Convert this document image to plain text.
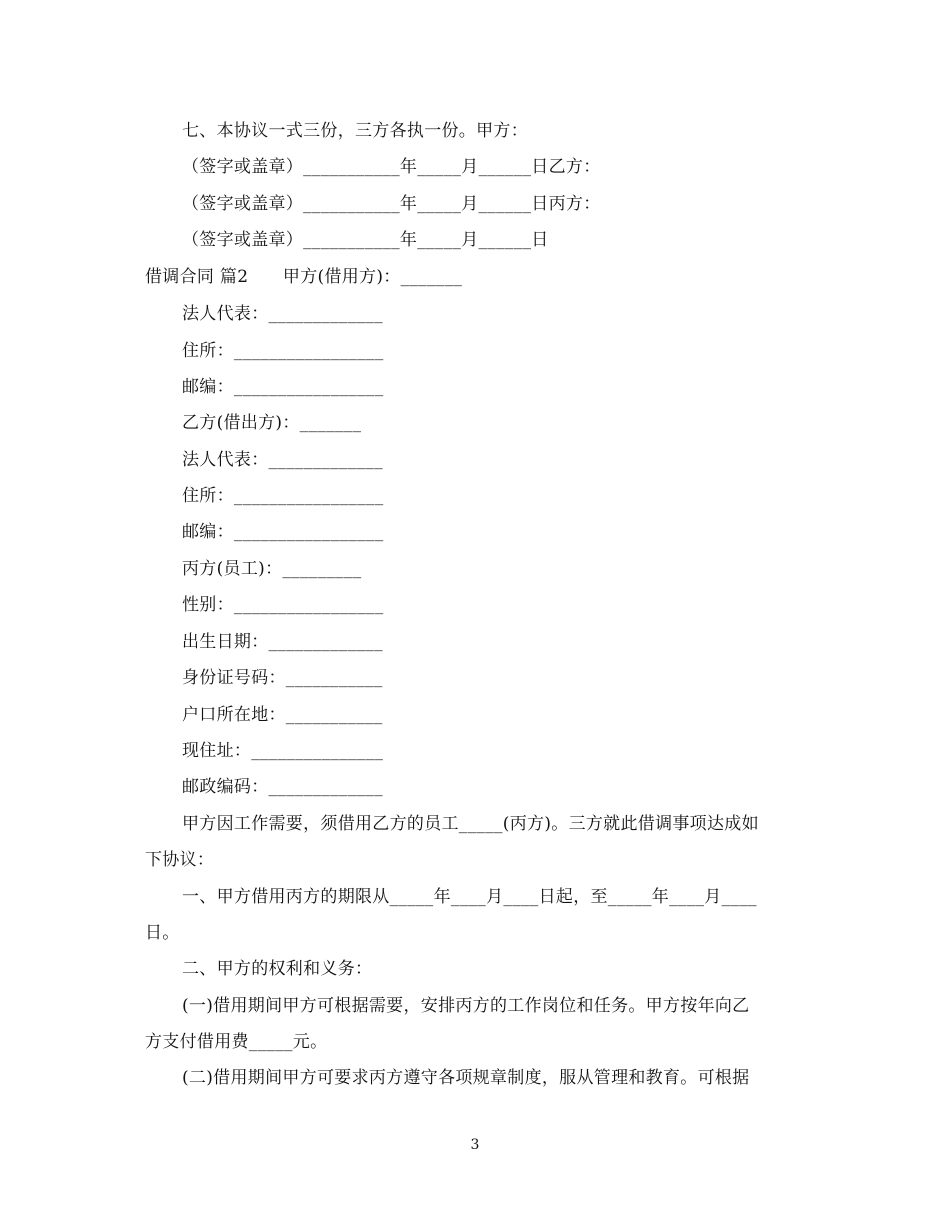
七、本协议一式三份，三方各执一份。甲方：
（签字或盖章）___________年_____月______日乙方：
（签字或盖章）___________年_____月______日丙方：
（签字或盖章）___________年_____月______日
借调合同 篇2　　甲方(借用方)：_______
法人代表：_____________
住所：_________________
邮编：_________________
乙方(借出方)：_______
法人代表：_____________
住所：_________________
邮编：_________________
丙方(员工)：_________
性别：_________________
出生日期：_____________
身份证号码：___________
户口所在地：___________
现住址：_______________
邮政编码：_____________
甲方因工作需要，须借用乙方的员工_____(丙方)。三方就此借调事项达成如
下协议：
一、甲方借用丙方的期限从_____年____月____日起，至_____年____月____
日。
二、甲方的权利和义务：
(一)借用期间甲方可根据需要，安排丙方的工作岗位和任务。甲方按年向乙
方支付借用费_____元。
(二)借用期间甲方可要求丙方遵守各项规章制度，服从管理和教育。可根据
3
